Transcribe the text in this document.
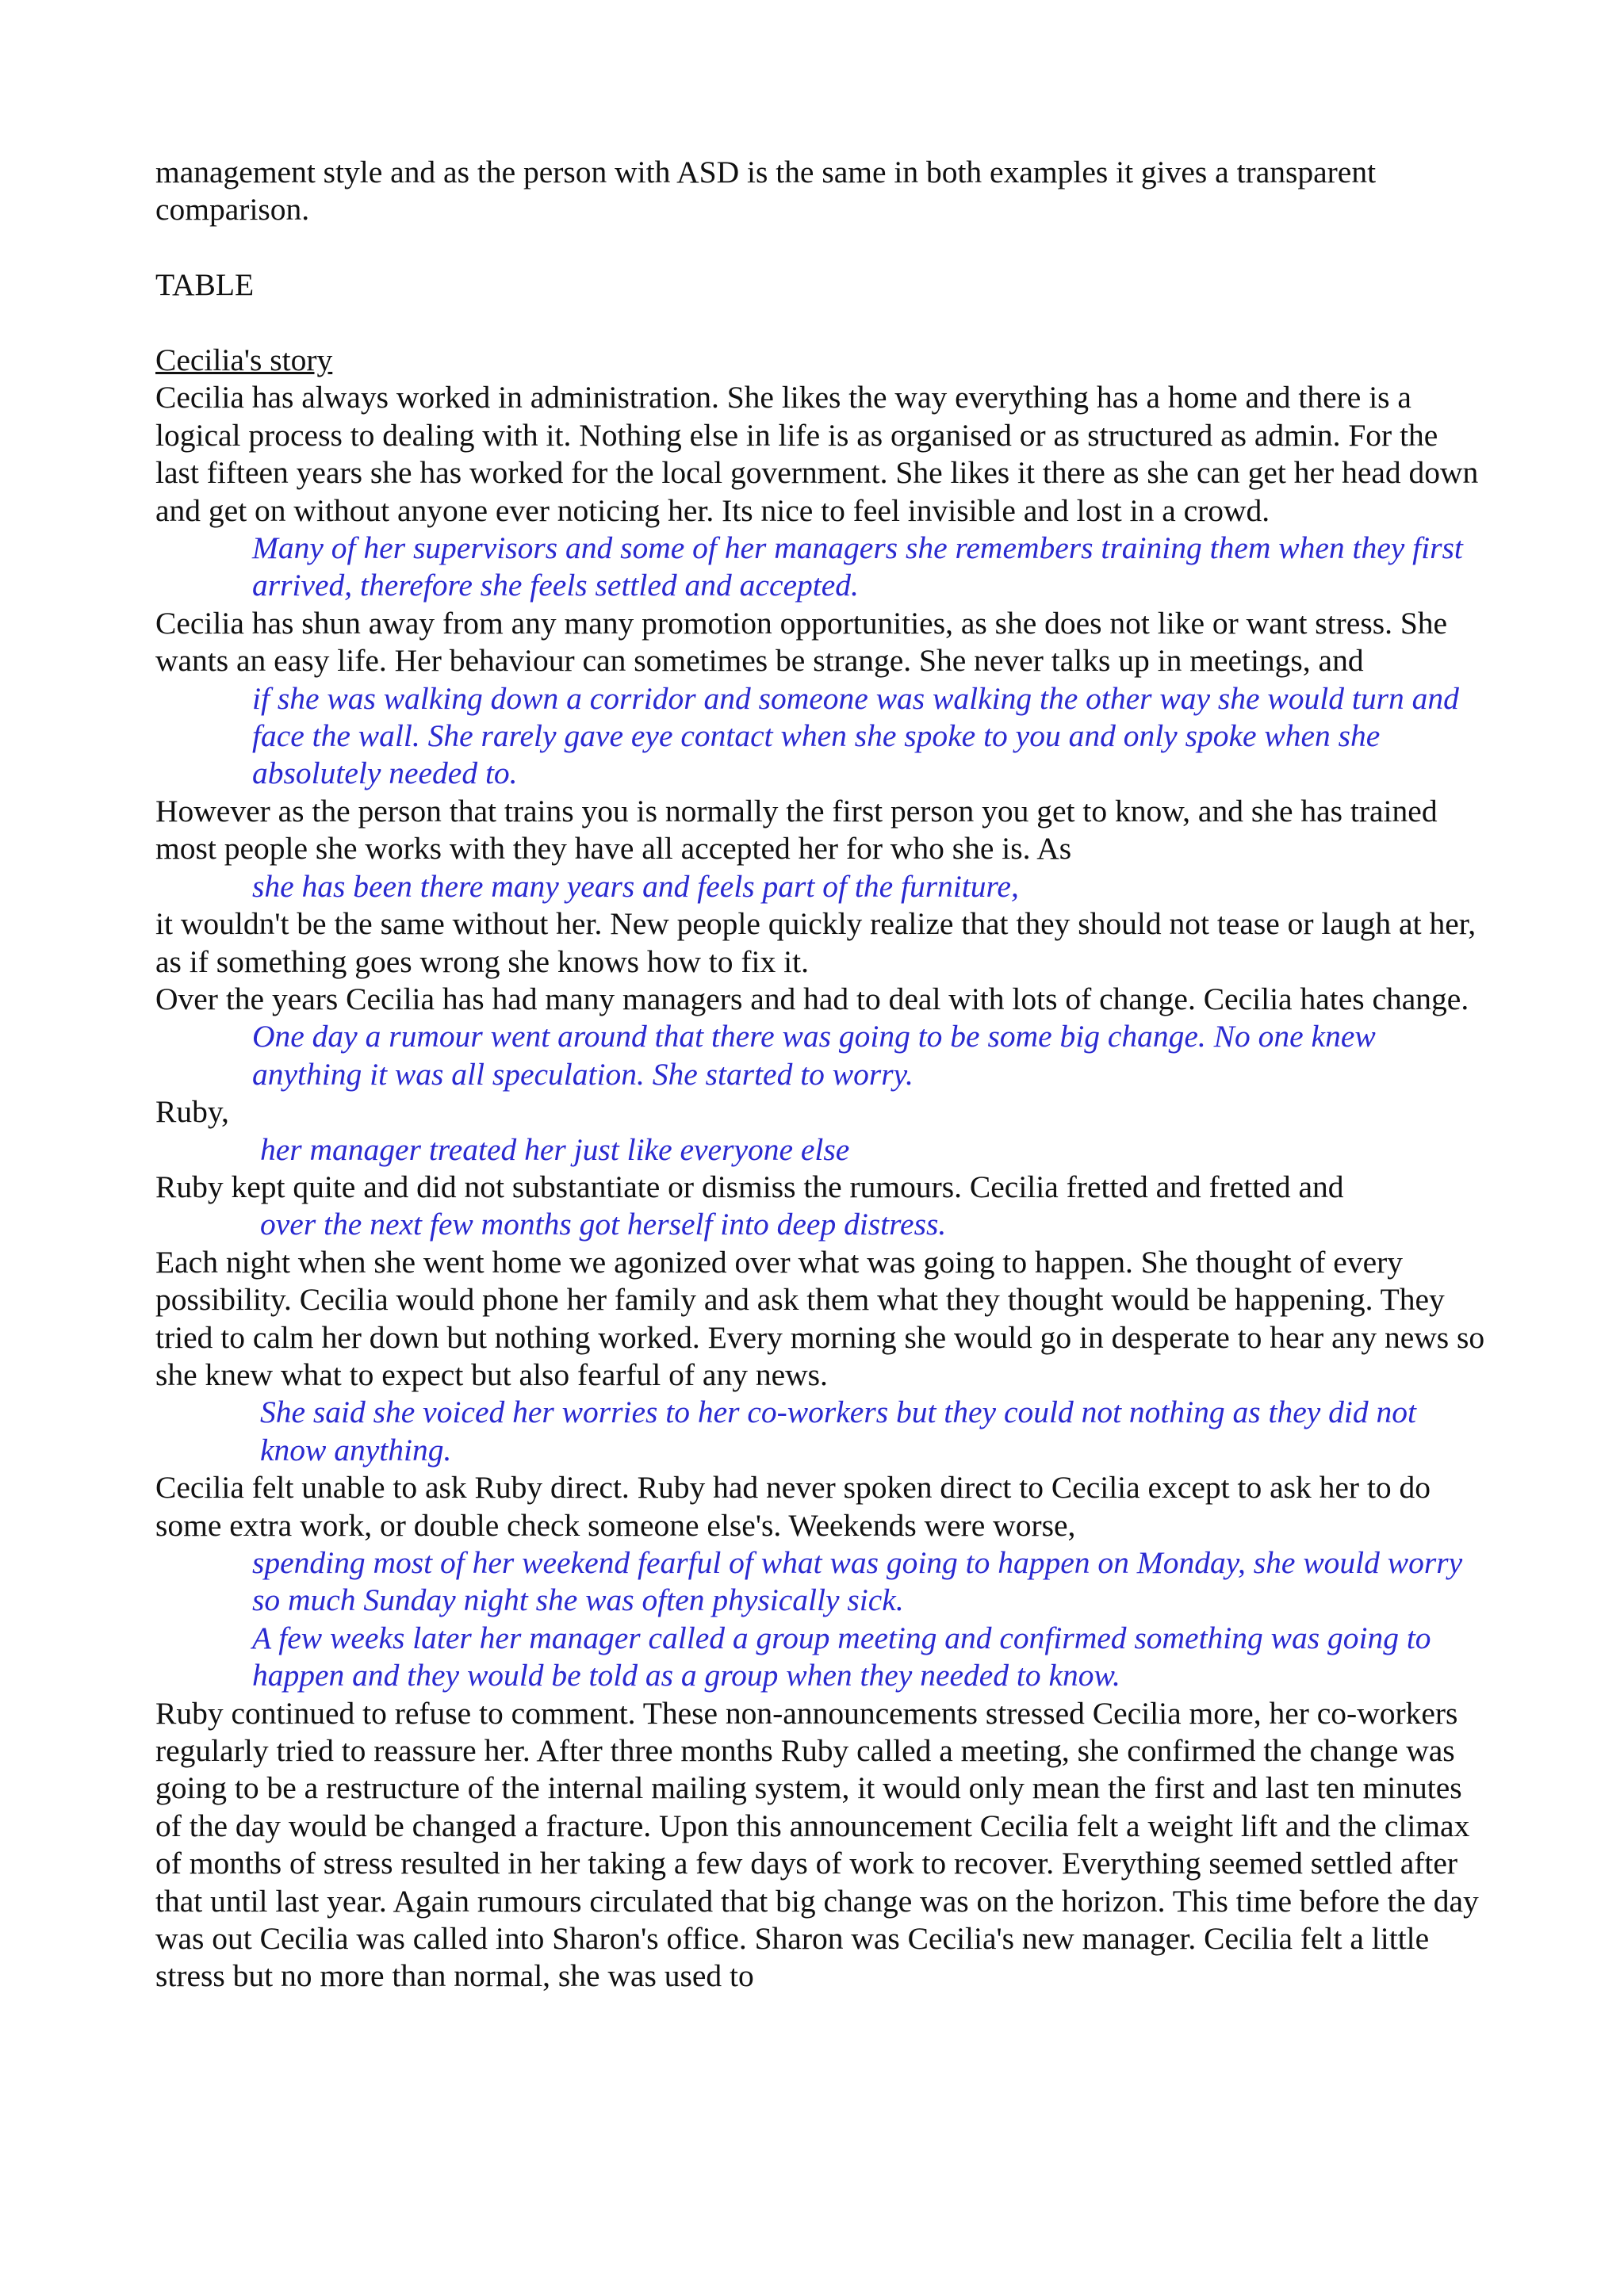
management style and as the person with ASD is the same in both examples it gives a transparent comparison.

TABLE

Cecilia's story

Cecilia has always worked in administration. She likes the way everything has a home and there is a logical process to dealing with it. Nothing else in life is as organised or as structured as admin. For the last fifteen years she has worked for the local government. She likes it there as she can get her head down and get on without anyone ever noticing her. Its nice to feel invisible and lost in a crowd.

Many of her supervisors and some of her managers she remembers training them when they first arrived, therefore she feels settled and accepted.

Cecilia has shun away from any many promotion opportunities, as she does not like or want stress. She wants an easy life. Her behaviour can sometimes be strange. She never talks up in meetings, and

if she was walking down a corridor and someone was walking the other way she would turn and face the wall. She rarely gave eye contact when she spoke to you and only spoke when she absolutely needed to.

However as the person that trains you is normally the first person you get to know, and she has trained most people she works with they have all accepted her for who she is. As

she has been there many years and feels part of the furniture,

it wouldn't be the same without her. New people quickly realize that they should not tease or laugh at her, as if something goes wrong she knows how to fix it.

Over the years Cecilia has had many managers and had to deal with lots of change. Cecilia hates change.

One day a rumour went around that there was going to be some big change. No one knew anything it was all speculation. She started to worry.

Ruby,

her manager treated her just like everyone else

Ruby kept quite and did not substantiate or dismiss the rumours. Cecilia fretted and fretted and

over the next few months got herself into deep distress.

Each night when she went home we agonized over what was going to happen. She thought of every possibility. Cecilia would phone her family and ask them what they thought would be happening. They tried to calm her down but nothing worked. Every morning she would go in desperate to hear any news so she knew what to expect but also fearful of any news.

She said she voiced her worries to her co-workers but they could not nothing as they did not know anything.

Cecilia felt unable to ask Ruby direct. Ruby had never spoken direct to Cecilia except to ask her to do some extra work, or double check someone else's. Weekends were worse,

spending most of her weekend fearful of what was going to happen on Monday, she would worry so much Sunday night she was often physically sick.

A few weeks later her manager called a group meeting and confirmed something was going to happen and they would be told as a group when they needed to know.

Ruby continued to refuse to comment. These non-announcements stressed Cecilia more, her co-workers regularly tried to reassure her. After three months Ruby called a meeting, she confirmed the change was going to be a restructure of the internal mailing system, it would only mean the first and last ten minutes of the day would be changed a fracture. Upon this announcement Cecilia felt a weight lift and the climax of months of stress resulted in her taking a few days of work to recover. Everything seemed settled after that until last year. Again rumours circulated that big change was on the horizon. This time before the day was out Cecilia was called into Sharon's office. Sharon was Cecilia's new manager. Cecilia felt a little stress but no more than normal, she was used to
